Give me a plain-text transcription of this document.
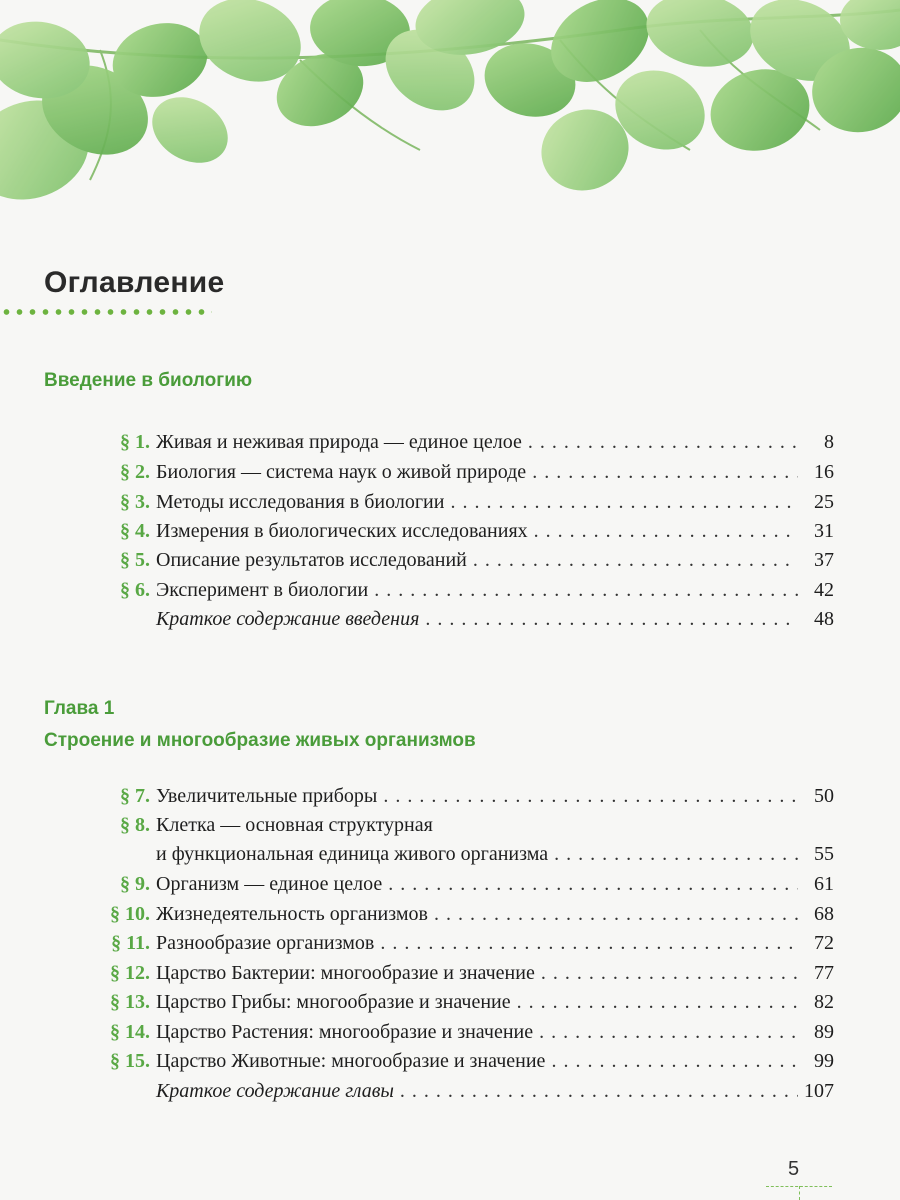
Оглавление
Введение в биологию
§ 1. Живая и неживая природа — единое целое . . .	8
§ 2. Биология — система наук о живой природе . . .	16
§ 3. Методы исследования в биологии . . .	25
§ 4. Измерения в биологических исследованиях . . .	31
§ 5. Описание результатов исследований . . .	37
§ 6. Эксперимент в биологии . . .	42
Краткое содержание введения . . .	48
Глава 1
Строение и многообразие живых организмов
§ 7. Увеличительные приборы . . .	50
§ 8. Клетка — основная структурная
и функциональная единица живого организма . . .	55
§ 9. Организм — единое целое . . .	61
§ 10. Жизнедеятельность организмов . . .	68
§ 11. Разнообразие организмов . . .	72
§ 12. Царство Бактерии: многообразие и значение . . .	77
§ 13. Царство Грибы: многообразие и значение . . .	82
§ 14. Царство Растения: многообразие и значение . . .	89
§ 15. Царство Животные: многообразие и значение . . .	99
Краткое содержание главы . . .	107
5
